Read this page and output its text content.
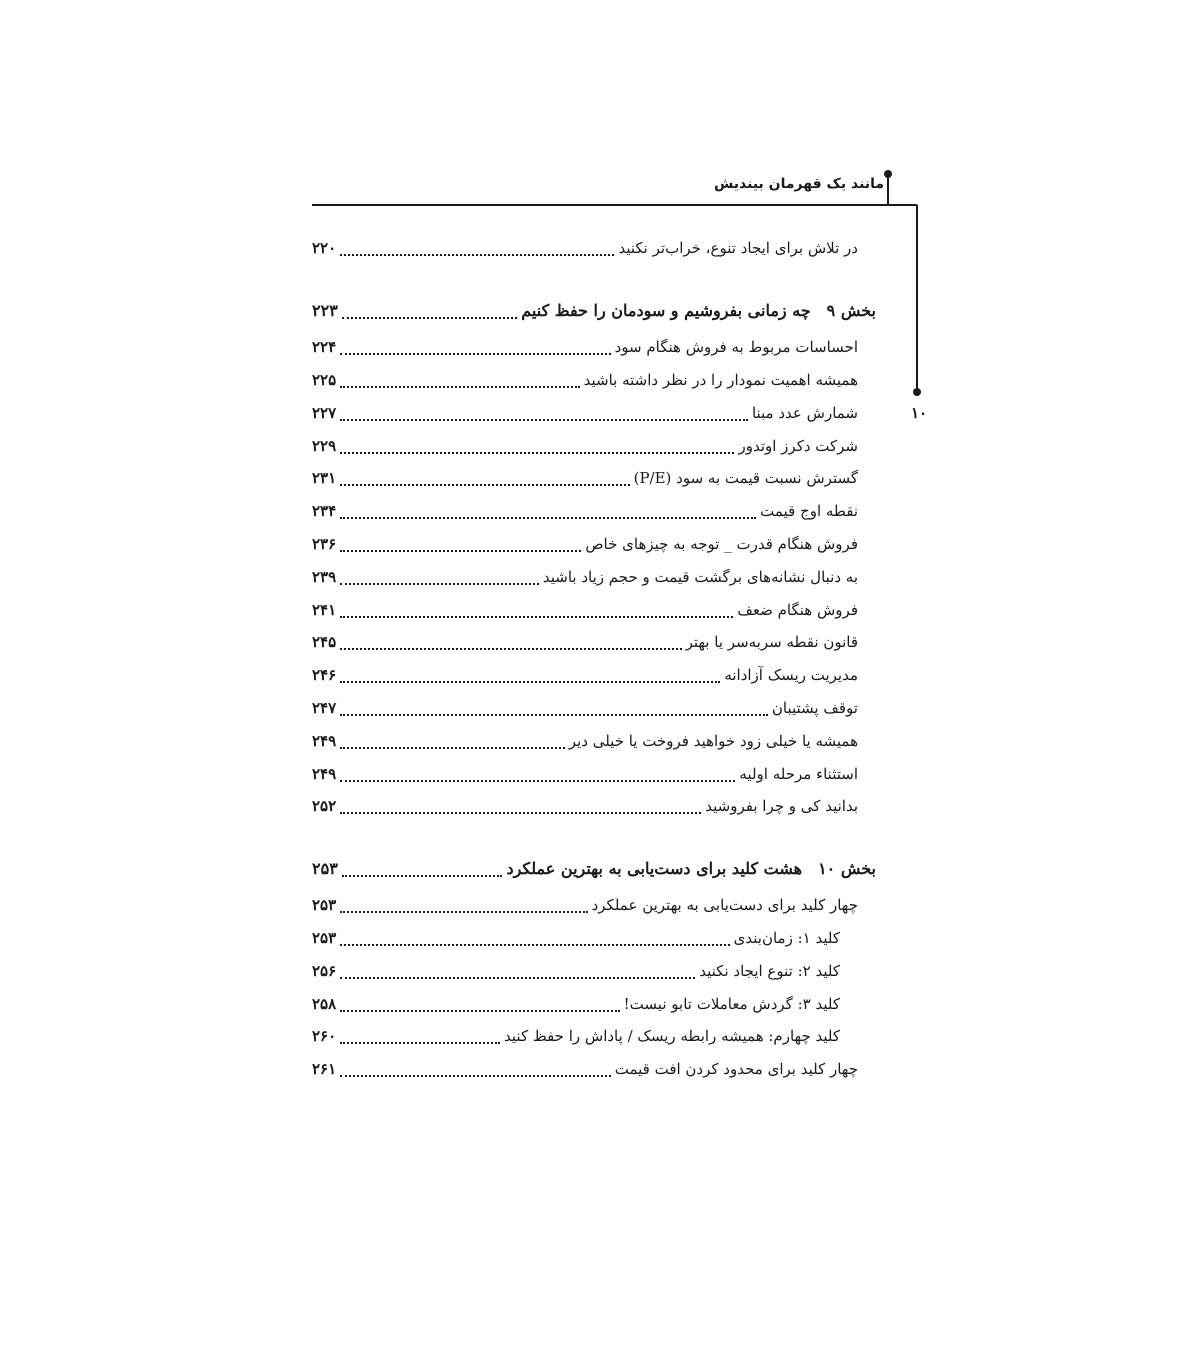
مانند یک قهرمان بیندیش
۱۰
در تلاش برای ایجاد تنوع، خراب‌تر نکنید
۲۲۰
بخش ۹
چه زمانی بفروشیم و سودمان را حفظ کنیم
۲۲۳
احساسات مربوط به فروش هنگام سود
۲۲۴
همیشه اهمیت نمودار را در نظر داشته باشید
۲۲۵
شمارش عدد مبنا
۲۲۷
شرکت دکرز اوتدور
۲۲۹
گسترش نسبت قیمت به سود (P/E)
۲۳۱
نقطه اوج قیمت
۲۳۴
فروش هنگام قدرت _ توجه به چیزهای خاص
۲۳۶
به دنبال نشانه‌های برگشت قیمت و حجم زیاد باشید
۲۳۹
فروش هنگام ضعف
۲۴۱
قانون نقطه سربه‌سر یا بهتر
۲۴۵
مدیریت ریسک آزادانه
۲۴۶
توقف پشتیبان
۲۴۷
همیشه یا خیلی زود خواهید فروخت یا خیلی دیر
۲۴۹
استثناء مرحله اولیه
۲۴۹
بدانید کی و چرا بفروشید
۲۵۲
بخش ۱۰
هشت کلید برای دست‌یابی به بهترین عملکرد
۲۵۳
چهار کلید برای دست‌یابی به بهترین عملکرد
۲۵۳
کلید ۱: زمان‌بندی
۲۵۳
کلید ۲: تنوع ایجاد نکنید
۲۵۶
کلید ۳: گردش معاملات تابو نیست!
۲۵۸
کلید چهارم: همیشه رابطه ریسک / پاداش را حفظ کنید
۲۶۰
چهار کلید برای محدود کردن افت قیمت
۲۶۱
